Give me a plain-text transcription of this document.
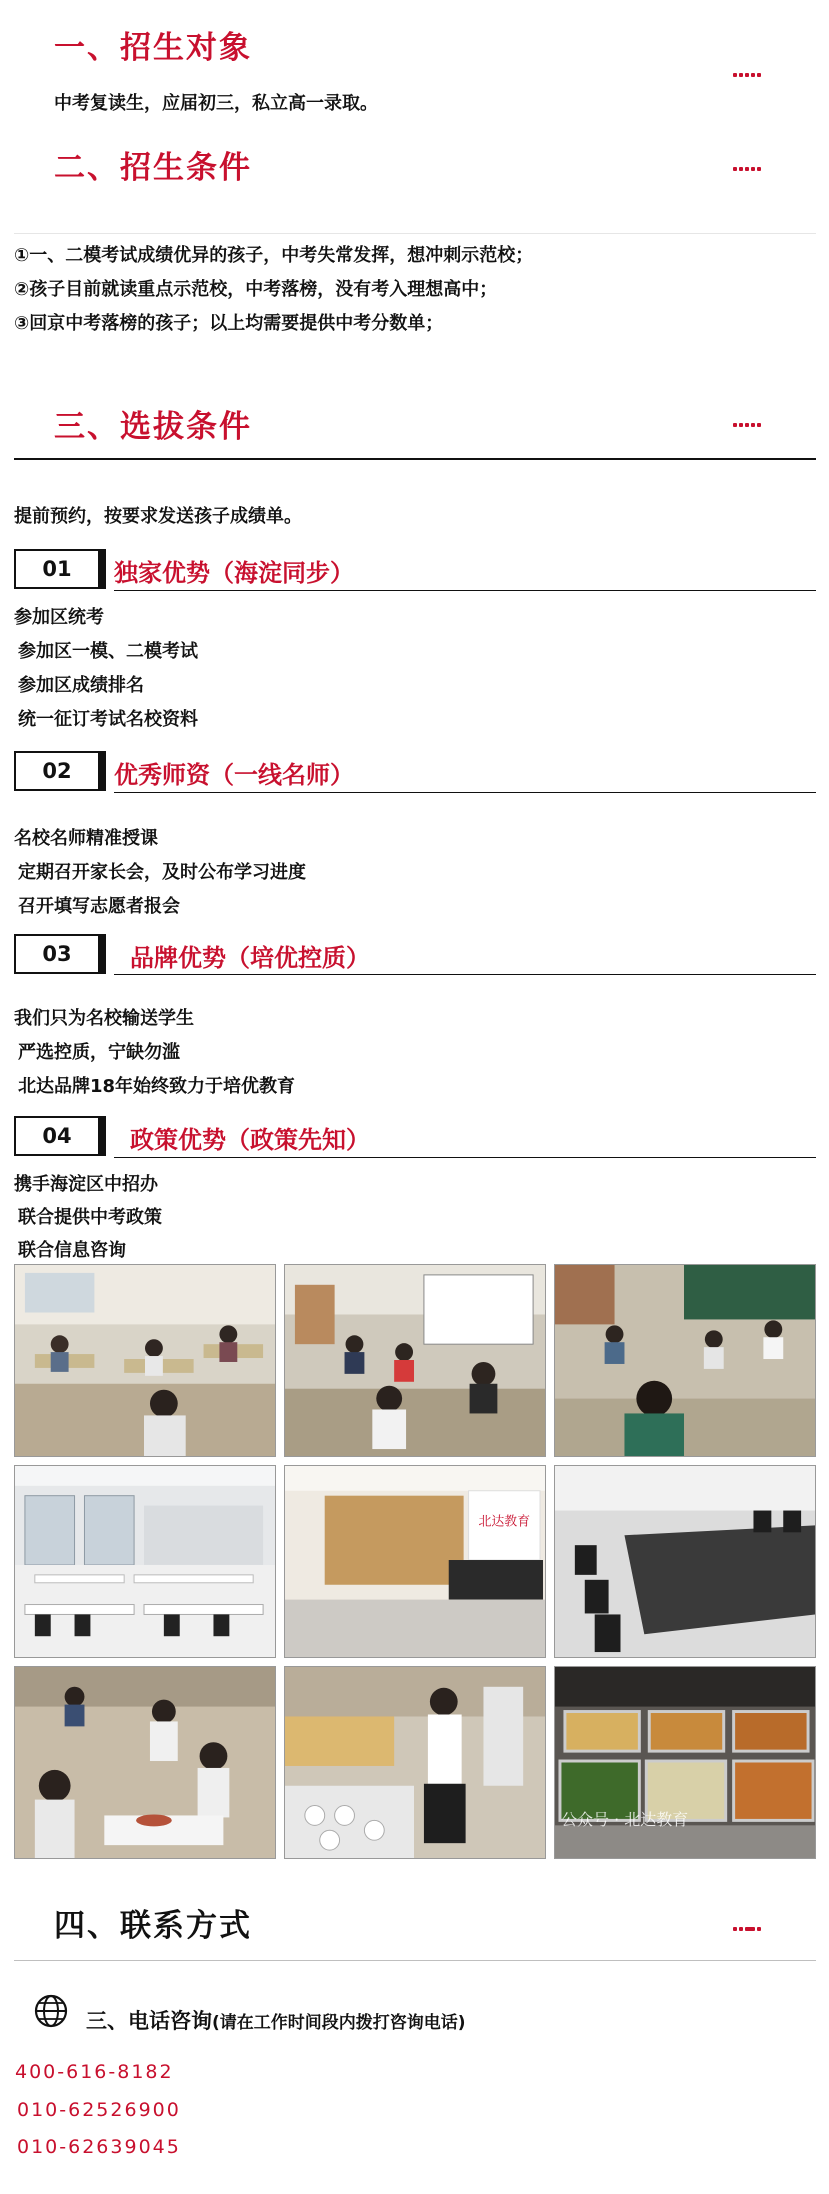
一、招生对象
中考复读生，应届初三，私立高一录取。
二、招生条件
①一、二模考试成绩优异的孩子，中考失常发挥，想冲刺示范校；
②孩子目前就读重点示范校，中考落榜，没有考入理想高中；
③回京中考落榜的孩子；以上均需要提供中考分数单；
三、选拔条件
提前预约，按要求发送孩子成绩单。
01	独家优势（海淀同步）
参加区统考
参加区一模、二模考试
参加区成绩排名
统一征订考试名校资料
02	优秀师资（一线名师）
名校名师精准授课
定期召开家长会，及时公布学习进度
召开填写志愿者报会
03	品牌优势（培优控质）
我们只为名校输送学生
严选控质，宁缺勿滥
北达品牌18年始终致力于培优教育
04	政策优势（政策先知）
携手海淀区中招办
联合提供中考政策
联合信息咨询
北达教育
公众号 · 北达教育
四、联系方式
三、电话咨询(请在工作时间段内拨打咨询电话)
400-616-8182
010-62526900
010-62639045
